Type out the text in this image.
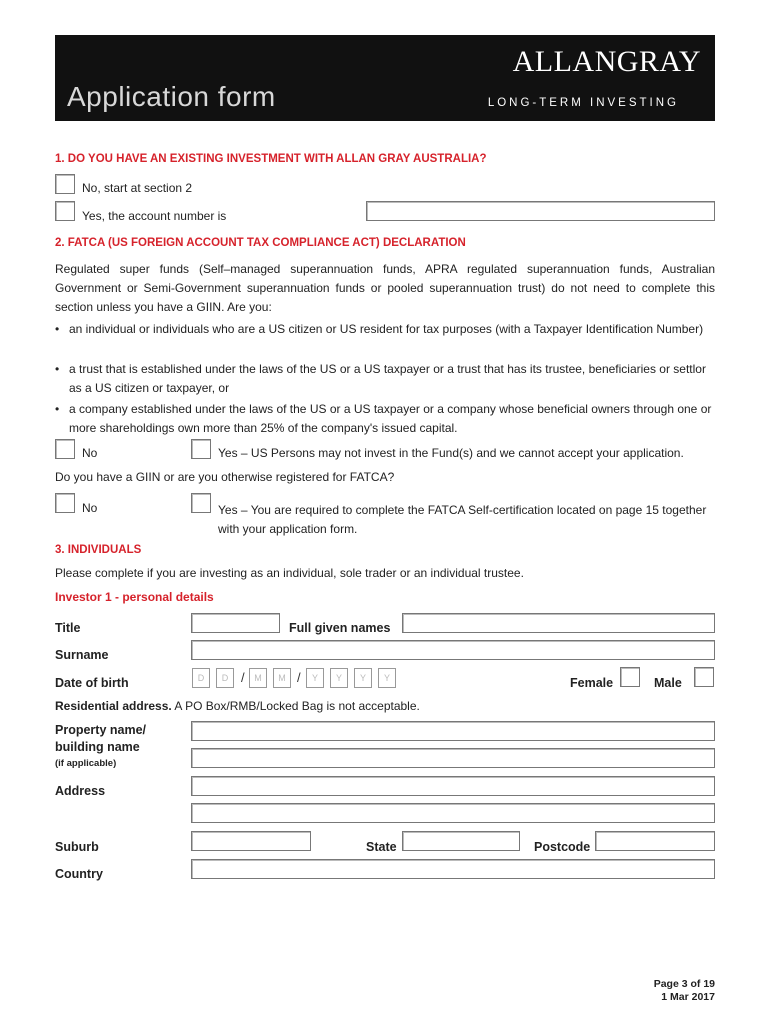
Application form
ALLANGRAY
LONG-TERM INVESTING
1. DO YOU HAVE AN EXISTING INVESTMENT WITH ALLAN GRAY AUSTRALIA?
No, start at section 2
Yes, the account number is
2. FATCA (US FOREIGN ACCOUNT TAX COMPLIANCE ACT) DECLARATION
Regulated super funds (Self–managed superannuation funds, APRA regulated superannuation funds, Australian Government or Semi-Government superannuation funds or pooled superannuation trust) do not need to complete this section unless you have a GIIN. Are you:
• an individual or individuals who are a US citizen or US resident for tax purposes (with a Taxpayer Identification Number)
• a trust that is established under the laws of the US or a US taxpayer or a trust that has its trustee, beneficiaries or settlor as a US citizen or taxpayer, or
• a company established under the laws of the US or a US taxpayer or a company whose beneficial owners through one or more shareholdings own more than 25% of the company's issued capital.
No	Yes – US Persons may not invest in the Fund(s) and we cannot accept your application.
Do you have a GIIN or are you otherwise registered for FATCA?
No	Yes – You are required to complete the FATCA Self-certification located on page 15 together with your application form.
3. INDIVIDUALS
Please complete if you are investing as an individual, sole trader or an individual trustee.
Investor 1 - personal details
Title	Full given names
Surname
Date of birth	D	D /	M	M /	Y	Y	Y	Y	Female	Male
Residential address. A PO Box/RMB/Locked Bag is not acceptable.
Property name/ building name
(if applicable)
Address
Suburb	State	Postcode
Country
Page 3 of 19
1 Mar 2017
